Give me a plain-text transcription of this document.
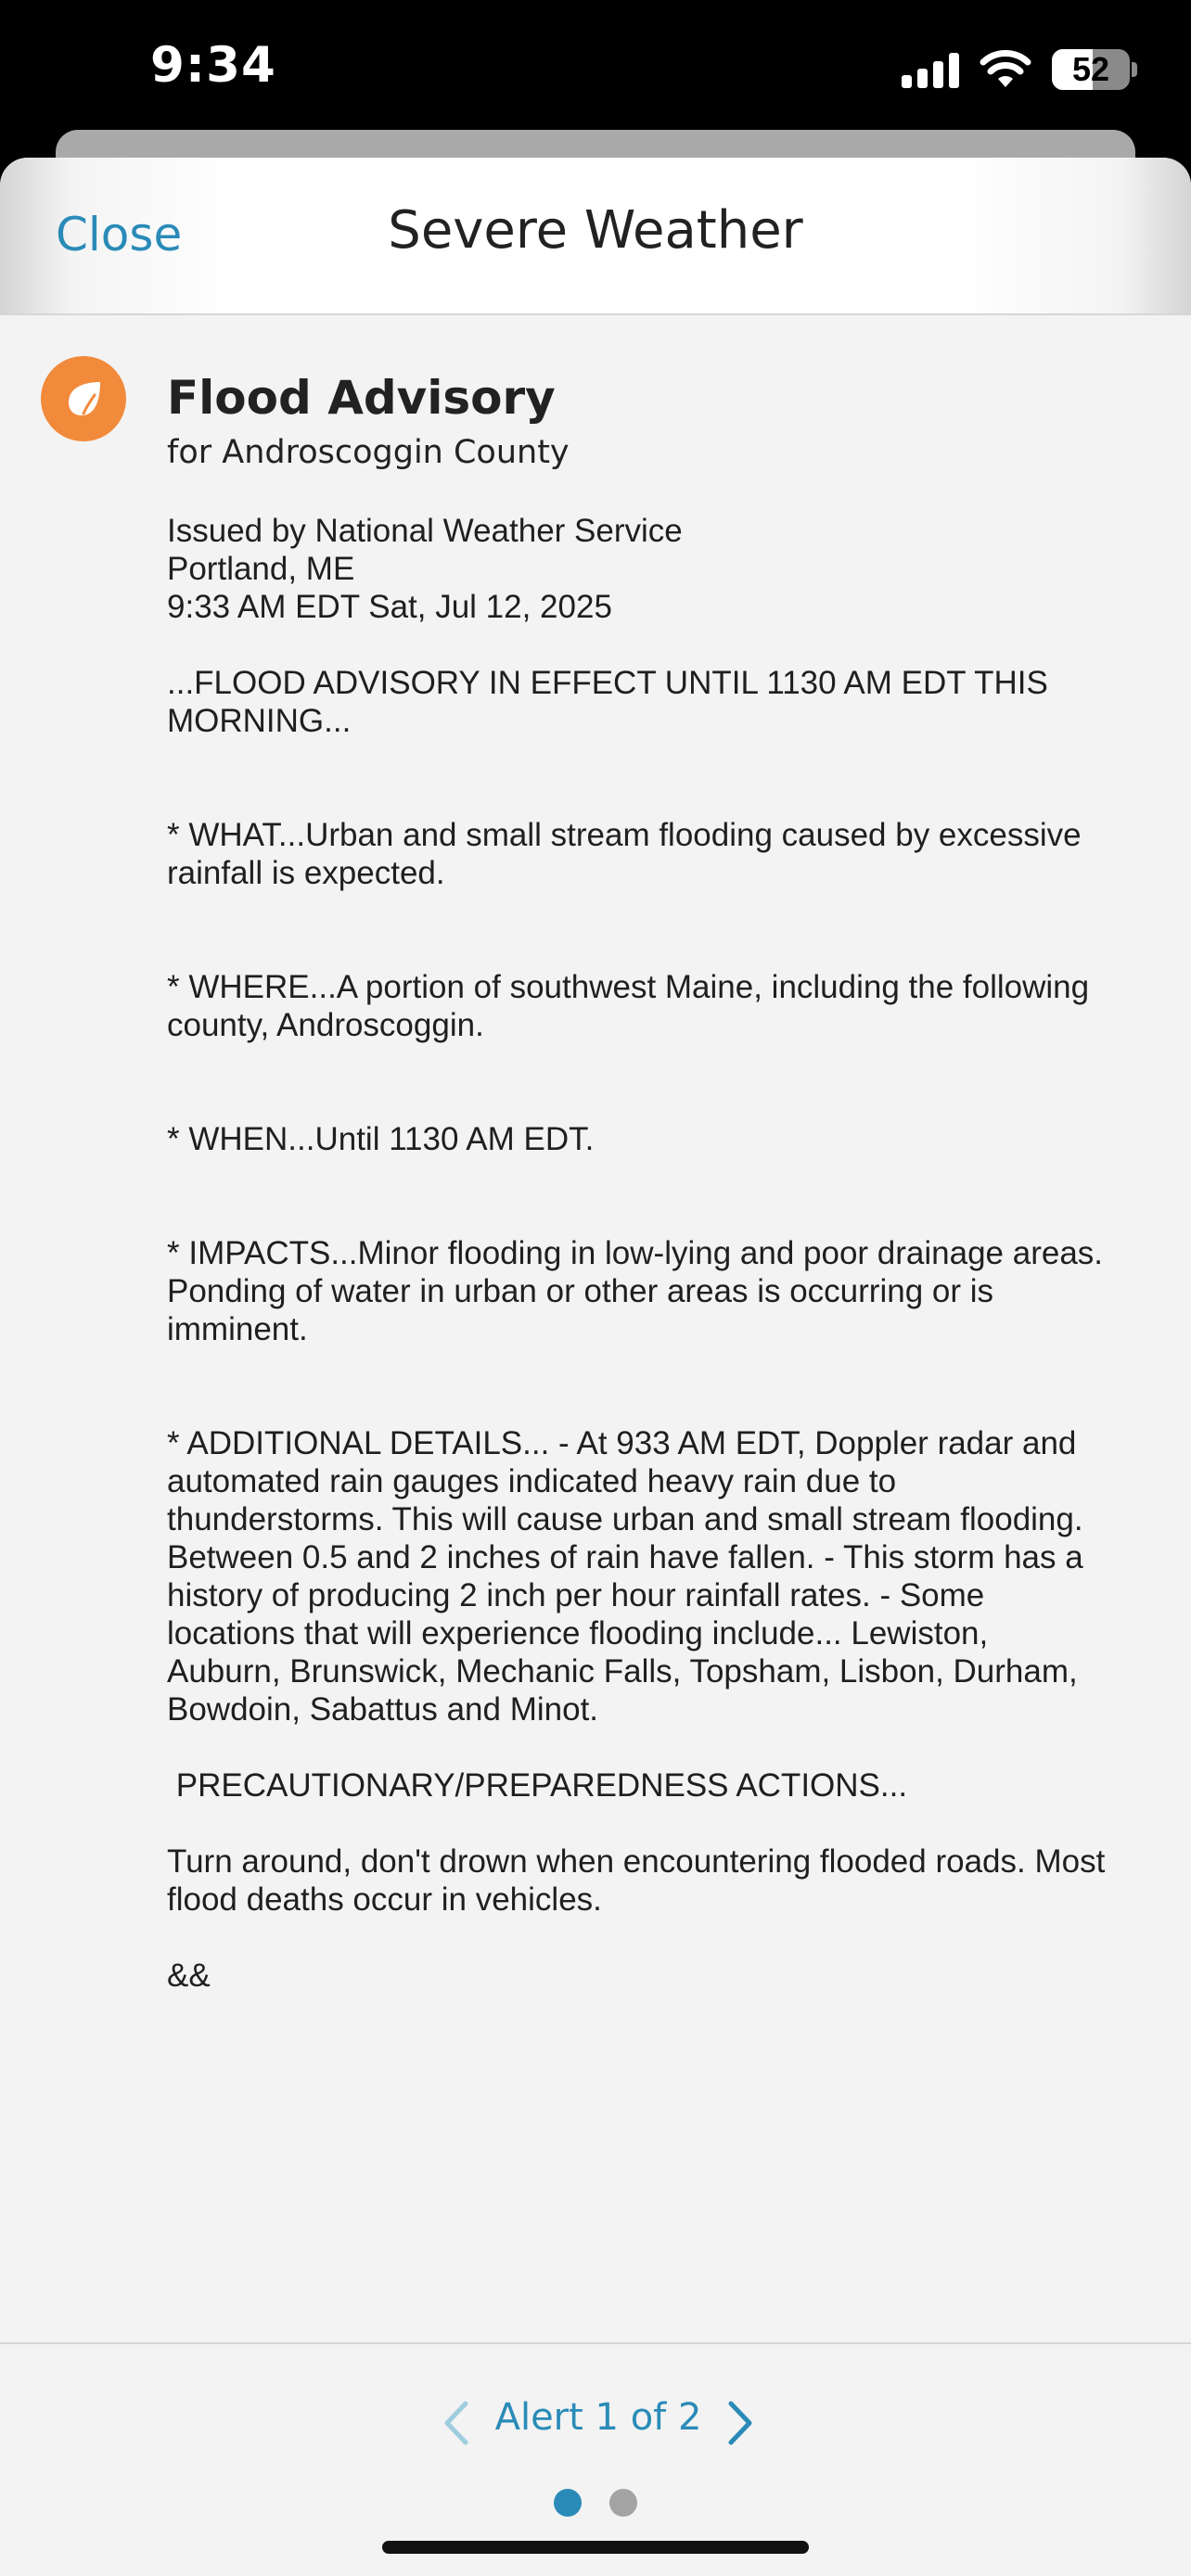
9:34	52
Close	Severe Weather
Flood Advisory
for Androscoggin County

Issued by National Weather Service
Portland, ME
9:33 AM EDT Sat, Jul 12, 2025

...FLOOD ADVISORY IN EFFECT UNTIL 1130 AM EDT THIS
MORNING...

* WHAT...Urban and small stream flooding caused by excessive
rainfall is expected.

* WHERE...A portion of southwest Maine, including the following
county, Androscoggin.

* WHEN...Until 1130 AM EDT.

* IMPACTS...Minor flooding in low-lying and poor drainage areas.
Ponding of water in urban or other areas is occurring or is
imminent.

* ADDITIONAL DETAILS... - At 933 AM EDT, Doppler radar and
automated rain gauges indicated heavy rain due to
thunderstorms. This will cause urban and small stream flooding.
Between 0.5 and 2 inches of rain have fallen. - This storm has a
history of producing 2 inch per hour rainfall rates. - Some
locations that will experience flooding include... Lewiston,
Auburn, Brunswick, Mechanic Falls, Topsham, Lisbon, Durham,
Bowdoin, Sabattus and Minot.

PRECAUTIONARY/PREPAREDNESS ACTIONS...

Turn around, don't drown when encountering flooded roads. Most
flood deaths occur in vehicles.

&&

Alert 1 of 2
